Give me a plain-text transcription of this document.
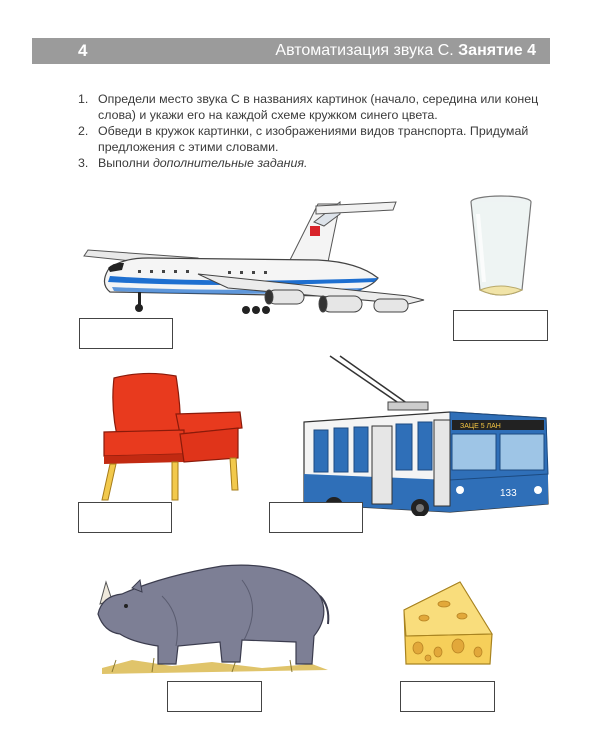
4	Автоматизация звука С. Занятие 4
1. Определи место звука С в названиях картинок (начало, середина или конец слова) и укажи его на каждой схеме кружком синего цвета.
2. Обведи в кружок картинки, с изображениями видов транспорта. Придумай предложения с этими словами.
3. Выполни дополнительные задания.
ЗАЦЕ 5 ЛАН
133
